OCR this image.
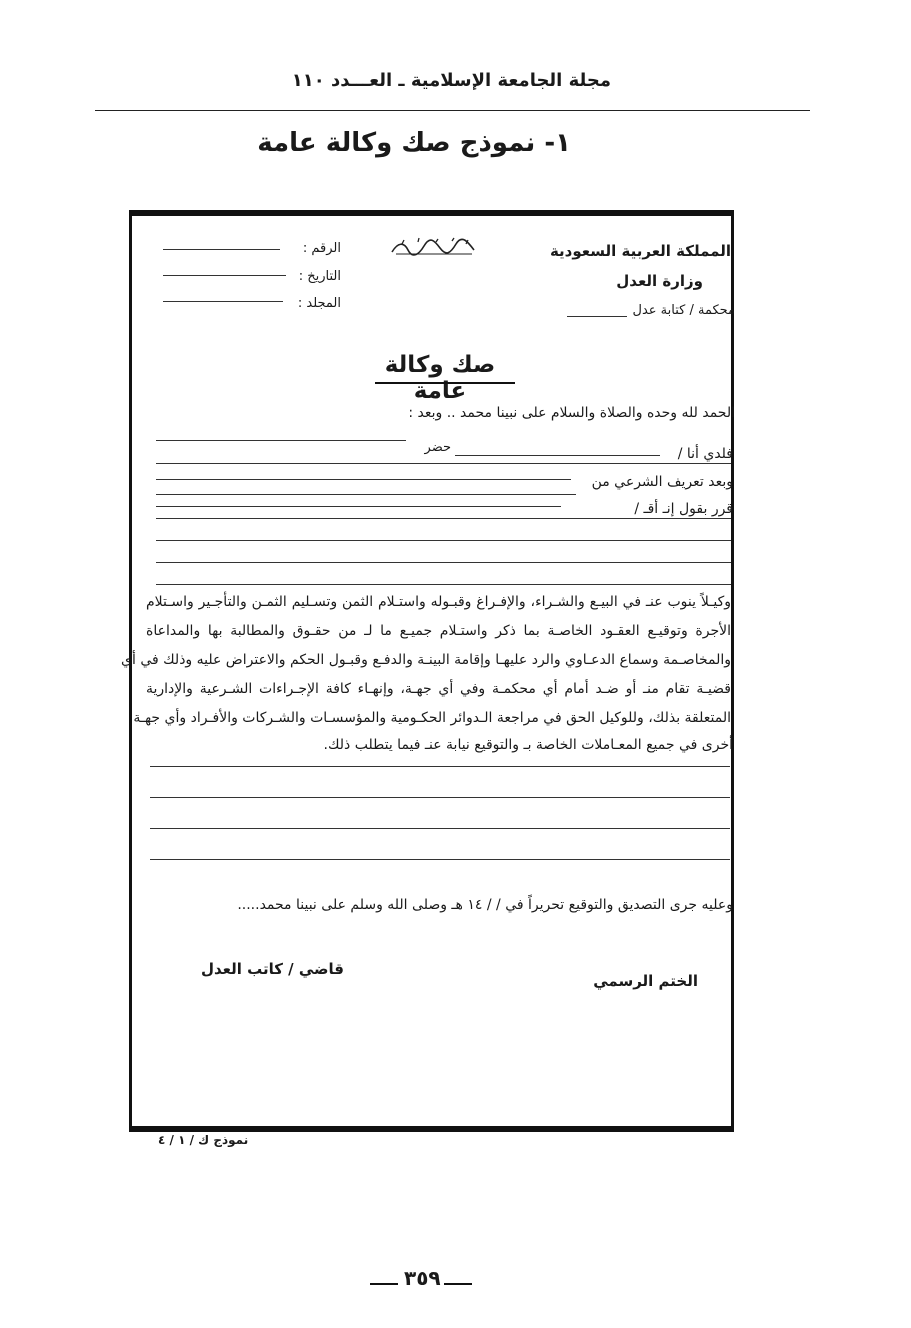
مجلة الجامعة الإسلامية ـ العـــدد ١١٠
١- نموذج صك وكالة عامة
المملكة العربية السعودية
وزارة العدل
محكمة / كتابة عدل
الرقم :
التاريخ :
المجلد :
صك وكالة عامة
الحمد لله وحده والصلاة والسلام على نبينا محمد .. وبعد :
فلدي أنا /
حضر
وبعد تعريف الشرعي من
قرر بقول إنـ أقـ /
وكيـلاً ينوب عنـ في البيـع والشـراء، والإفـراغ وقبـوله واستـلام الثمن وتسـليم الثمـن والتأجـير واسـتلام
الأجرة وتوقيـع العقـود الخاصـة بما ذكر واستـلام جميـع ما لـ من حقـوق والمطالبة بها والمداعاة
والمخاصـمة وسماع الدعـاوي والرد عليهـا وإقامة البينـة والدفـع وقبـول الحكم والاعتراض عليه وذلك في أي
قضيـة تقام منـ أو ضـد أمام أي محكمـة وفي أي جهـة، وإنهـاء كافة الإجـراءات الشـرعية والإدارية
المتعلقة بذلك، وللوكيل الحق في مراجعة الـدوائر الحكـومية والمؤسسـات والشـركات والأفـراد وأي جهـة
أخرى في جميع المعـاملات الخاصة بـ والتوقيع نيابة عنـ فيما يتطلب ذلك.
وعليه جرى التصديق والتوقيع تحريراً في / / ١٤ هـ وصلى الله وسلم على نبينا محمد.....
الختم الرسمي
قاضي / كاتب العدل
نموذج ك / ١ / ٤
٣٥٩
